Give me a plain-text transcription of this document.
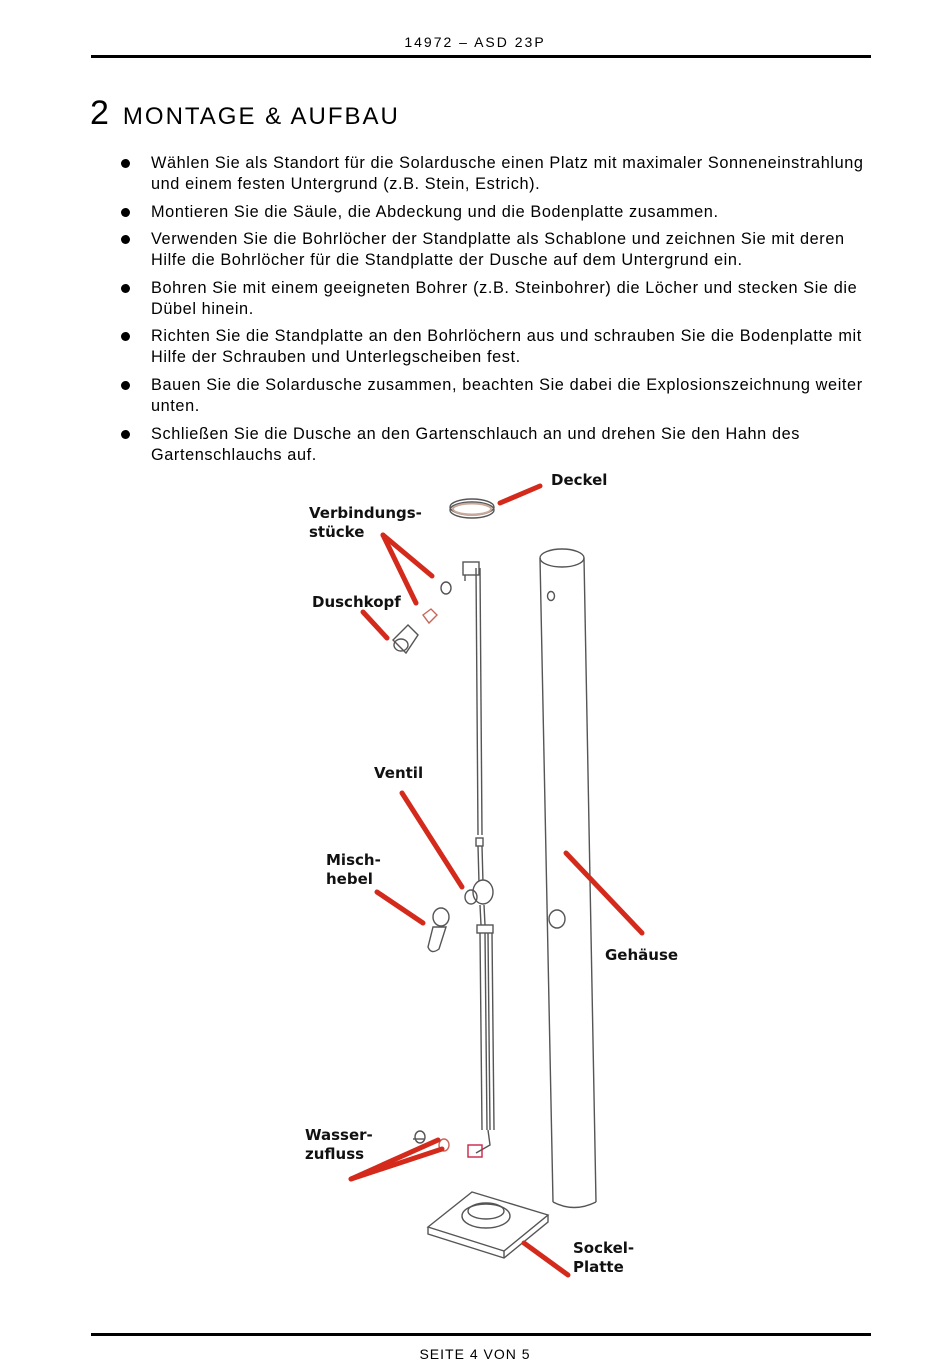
14972 – ASD 23P
2 MONTAGE & AUFBAU
Wählen Sie als Standort für die Solardusche einen Platz mit maximaler Sonneneinstrahlung und einem festen Untergrund (z.B. Stein, Estrich).
Montieren Sie die Säule, die Abdeckung und die Bodenplatte zusammen.
Verwenden Sie die Bohrlöcher der Standplatte als Schablone und zeichnen Sie mit deren Hilfe die Bohrlöcher für die Standplatte der Dusche auf dem Untergrund ein.
Bohren Sie mit einem geeigneten Bohrer (z.B. Steinbohrer) die Löcher und stecken Sie die Dübel hinein.
Richten Sie die Standplatte an den Bohrlöchern aus und schrauben Sie die Bodenplatte mit Hilfe der Schrauben und Unterlegscheiben fest.
Bauen Sie die Solardusche zusammen, beachten Sie dabei die Explosionszeichnung weiter unten.
Schließen Sie die Dusche an den Gartenschlauch an und drehen Sie den Hahn des Gartenschlauchs auf.
Deckel
Verbindungs-
stücke
Duschkopf
Ventil
Misch-
hebel
Gehäuse
Wasser-
zufluss
Sockel-
Platte
SEITE 4 VON 5
